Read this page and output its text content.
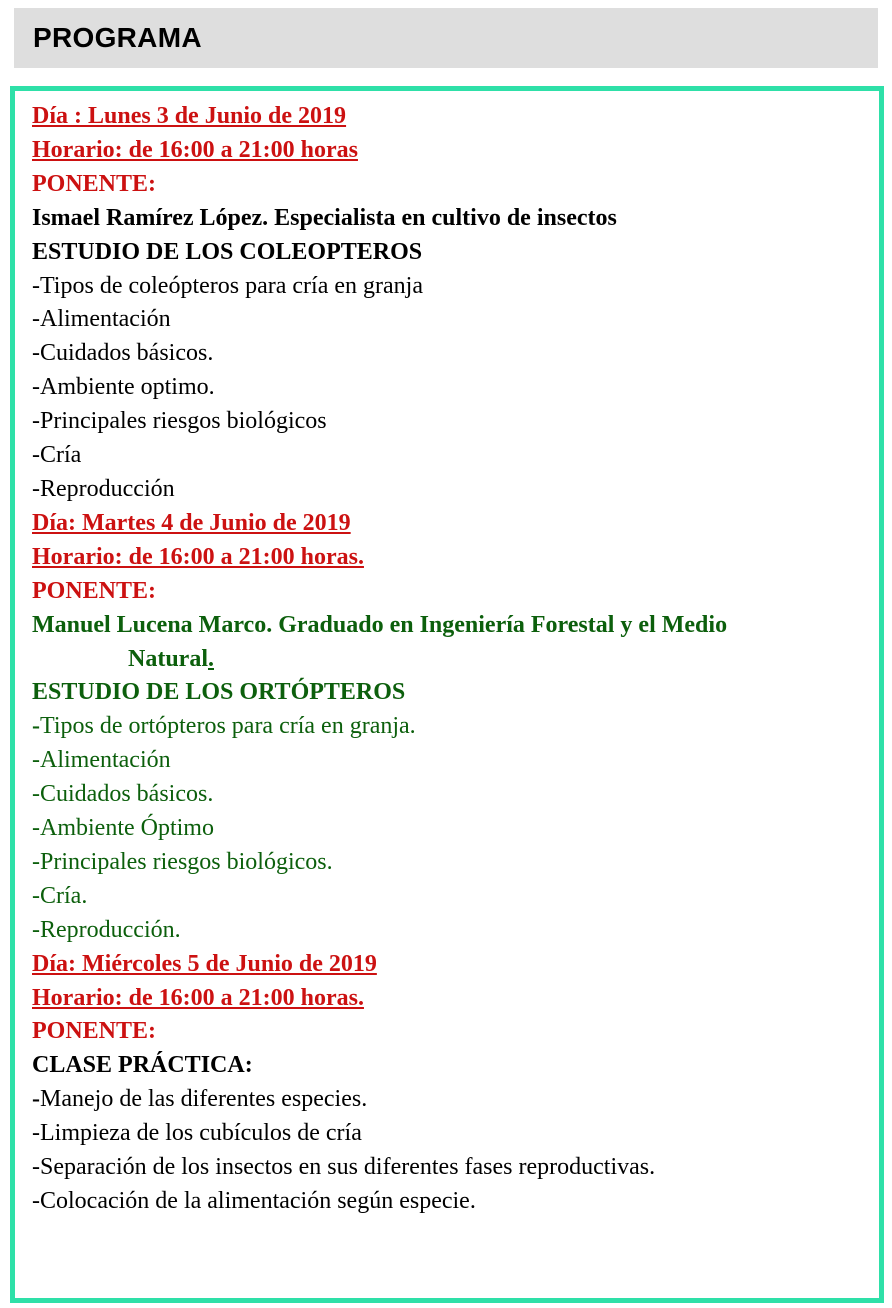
PROGRAMA
Día : Lunes 3 de Junio de 2019
Horario: de 16:00 a 21:00 horas
PONENTE:
Ismael Ramírez López. Especialista en cultivo de insectos
ESTUDIO DE LOS COLEOPTEROS
-Tipos de coleópteros para cría en granja
-Alimentación
-Cuidados básicos.
-Ambiente optimo.
-Principales riesgos biológicos
-Cría
-Reproducción
Día: Martes 4 de Junio de 2019
Horario: de 16:00 a 21:00 horas.
PONENTE:
Manuel Lucena Marco. Graduado en Ingeniería Forestal y el Medio
Natural.
ESTUDIO DE LOS ORTÓPTEROS
-Tipos de ortópteros para cría en granja.
-Alimentación
-Cuidados básicos.
-Ambiente Óptimo
-Principales riesgos biológicos.
-Cría.
-Reproducción.
Día: Miércoles 5 de Junio de 2019
Horario: de 16:00 a 21:00 horas.
PONENTE:
CLASE PRÁCTICA:
-Manejo de las diferentes especies.
-Limpieza de los cubículos de cría
-Separación de los insectos en sus diferentes fases reproductivas.
-Colocación de la alimentación según especie.
